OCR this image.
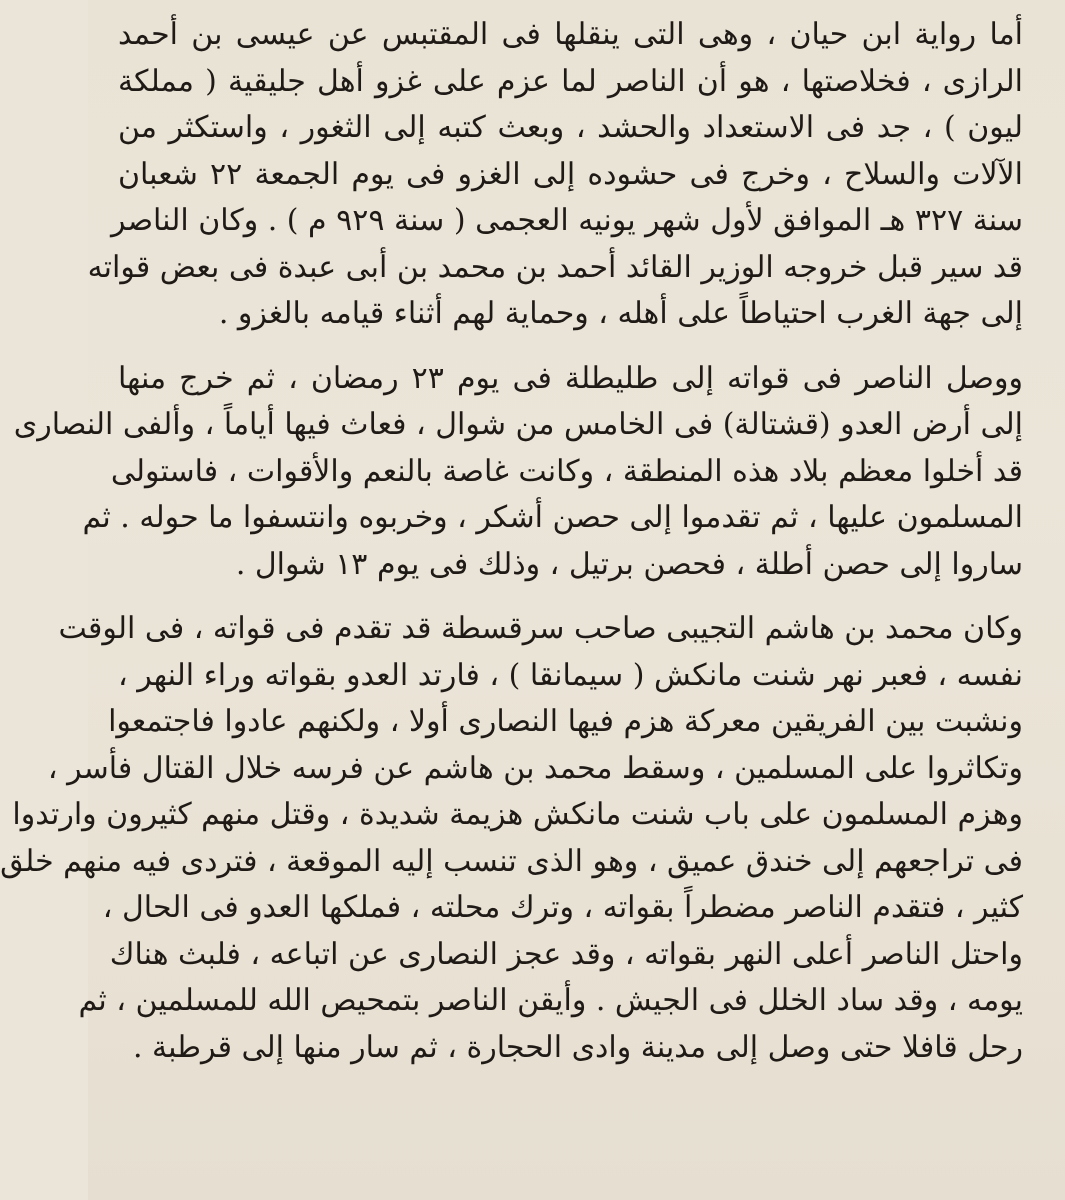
أما رواية ابن حيان ، وهى التى ينقلها فى المقتبس عن عيسى بن أحمد
الرازى ، فخلاصتها ، هو أن الناصر لما عزم على غزو أهل جليقية ( مملكة
ليون ) ، جد فى الاستعداد والحشد ، وبعث كتبه إلى الثغور ، واستكثر من
الآلات والسلاح ، وخرج فى حشوده إلى الغزو فى يوم الجمعة ٢٢ شعبان
سنة ٣٢٧ هـ الموافق لأول شهر يونيه العجمى ( سنة ٩٢٩ م ) . وكان الناصر
قد سير قبل خروجه الوزير القائد أحمد بن محمد بن أبى عبدة فى بعض قواته
إلى جهة الغرب احتياطاً على أهله ، وحماية لهم أثناء قيامه بالغزو .
ووصل الناصر فى قواته إلى طليطلة فى يوم ٢٣ رمضان ، ثم خرج منها
إلى أرض العدو (قشتالة) فى الخامس من شوال ، فعاث فيها أياماً ، وألفى النصارى
قد أخلوا معظم بلاد هذه المنطقة ، وكانت غاصة بالنعم والأقوات ، فاستولى
المسلمون عليها ، ثم تقدموا إلى حصن أشكر ، وخربوه وانتسفوا ما حوله . ثم
ساروا إلى حصن أطلة ، فحصن برتيل ، وذلك فى يوم ١٣ شوال .
وكان محمد بن هاشم التجيبى صاحب سرقسطة قد تقدم فى قواته ، فى الوقت
نفسه ، فعبر نهر شنت مانكش ( سيمانقا ) ، فارتد العدو بقواته وراء النهر ،
ونشبت بين الفريقين معركة هزم فيها النصارى أولا ، ولكنهم عادوا فاجتمعوا
وتكاثروا على المسلمين ، وسقط محمد بن هاشم عن فرسه خلال القتال فأسر ،
وهزم المسلمون على باب شنت مانكش هزيمة شديدة ، وقتل منهم كثيرون وارتدوا
فى تراجعهم إلى خندق عميق ، وهو الذى تنسب إليه الموقعة ، فتردى فيه منهم خلق
كثير ، فتقدم الناصر مضطراً بقواته ، وترك محلته ، فملكها العدو فى الحال ،
واحتل الناصر أعلى النهر بقواته ، وقد عجز النصارى عن اتباعه ، فلبث هناك
يومه ، وقد ساد الخلل فى الجيش . وأيقن الناصر بتمحيص الله للمسلمين ، ثم
رحل قافلا حتى وصل إلى مدينة وادى الحجارة ، ثم سار منها إلى قرطبة .
